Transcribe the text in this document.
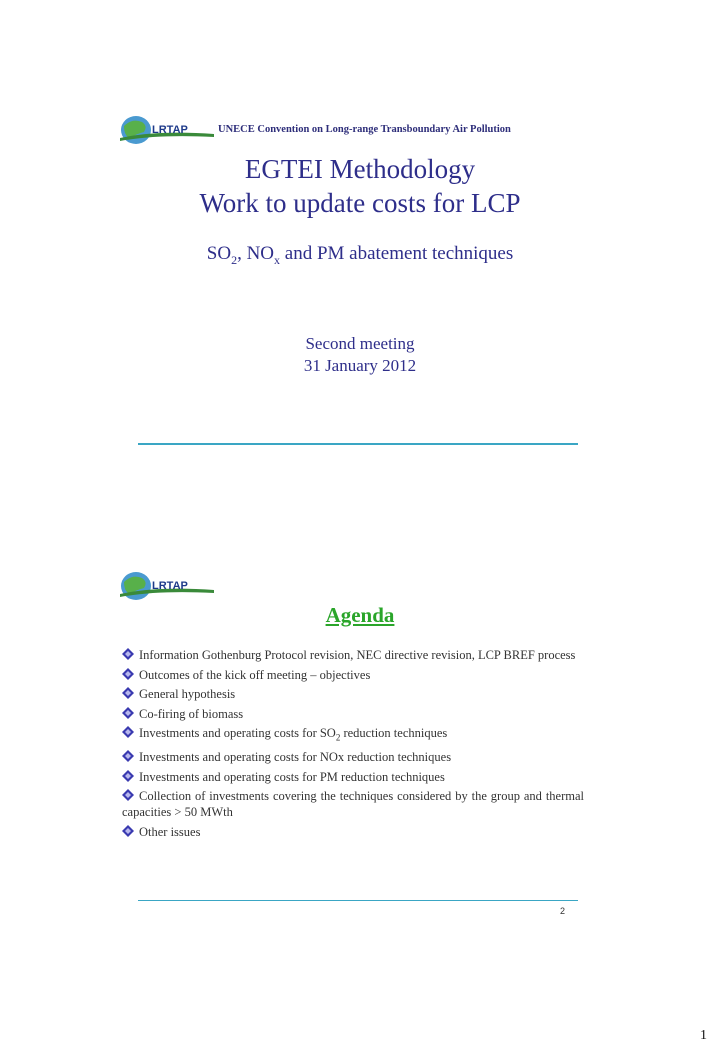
LRTAP	UNECE Convention on Long-range Transboundary Air Pollution
EGTEI Methodology
Work to update costs for LCP
$SO_2$, $NO_x$ and PM abatement techniques
Second meeting
31 January 2012
LRTAP
Agenda
Information Gothenburg Protocol revision, NEC directive revision, LCP BREF process
Outcomes of the kick off meeting – objectives
General hypothesis
Co-firing of biomass
Investments and operating costs for $SO_2$ reduction techniques
Investments and operating costs for NOx reduction techniques
Investments and operating costs for PM reduction techniques
Collection of investments covering the techniques considered by the group and thermal capacities > 50 MWth
Other issues
2
1
